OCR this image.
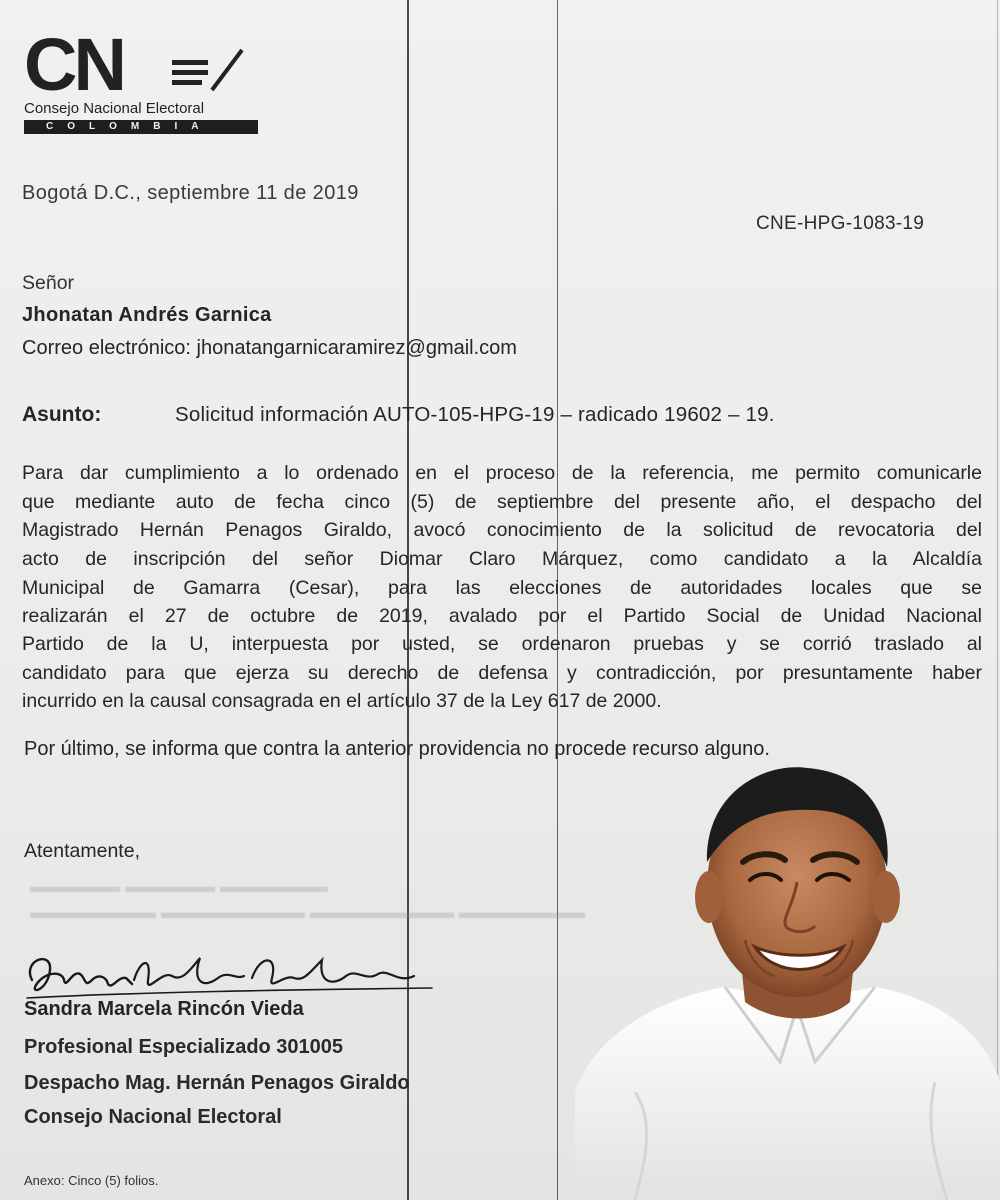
CN
Consejo Nacional Electoral
COLOMBIA
Bogotá D.C., septiembre 11 de 2019
CNE-HPG-1083-19
Señor
Jhonatan Andrés Garnica
Correo electrónico: jhonatangarnicaramirez@gmail.com
Asunto:	Solicitud información AUTO-105-HPG-19 – radicado 19602 – 19.
Para dar cumplimiento a lo ordenado en el proceso de la referencia, me permito comunicarle
que mediante auto de fecha cinco (5) de septiembre del presente año, el despacho del
Magistrado Hernán Penagos Giraldo, avocó conocimiento de la solicitud de revocatoria del
acto de inscripción del señor Diomar Claro Márquez, como candidato a la Alcaldía
Municipal de Gamarra (Cesar), para las elecciones de autoridades locales que se
realizarán el 27 de octubre de 2019, avalado por el Partido Social de Unidad Nacional
Partido de la U, interpuesta por usted, se ordenaron pruebas y se corrió traslado al
candidato para que ejerza su derecho de defensa y contradicción, por presuntamente haber
incurrido en la causal consagrada en el artículo 37 de la Ley 617 de 2000.
Por último, se informa que contra la anterior providencia no procede recurso alguno.
Atentamente,
▬▬▬▬▬ ▬▬▬▬▬ ▬▬▬▬▬▬
▬▬▬▬▬▬▬ ▬▬▬▬▬▬▬▬ ▬▬▬▬▬▬▬▬ ▬▬▬▬▬▬▬
Sandra Marcela Rincón Vieda
Profesional Especializado 301005
Despacho Mag. Hernán Penagos Giraldo
Consejo Nacional Electoral
Anexo: Cinco (5) folios.
